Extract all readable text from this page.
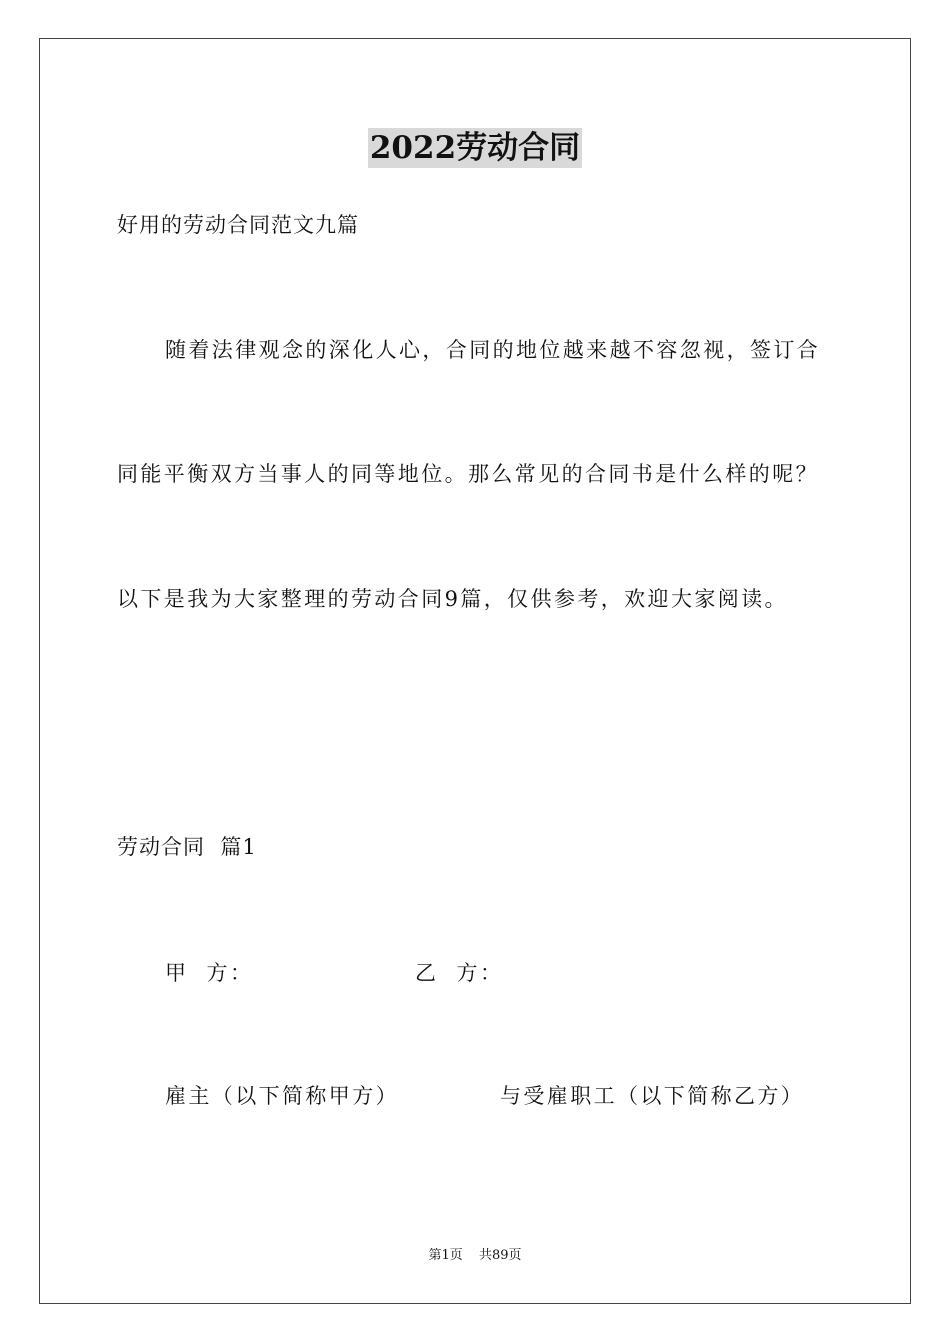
2022劳动合同
好用的劳动合同范文九篇
随着法律观念的深化人心，合同的地位越来越不容忽视，签订合
同能平衡双方当事人的同等地位。那么常见的合同书是什么样的呢？
以下是我为大家整理的劳动合同9篇，仅供参考，欢迎大家阅读。
劳动合同  篇1
甲  方：	乙  方：
雇主（以下简称甲方）	与受雇职工（以下简称乙方）
第1页 共89页
